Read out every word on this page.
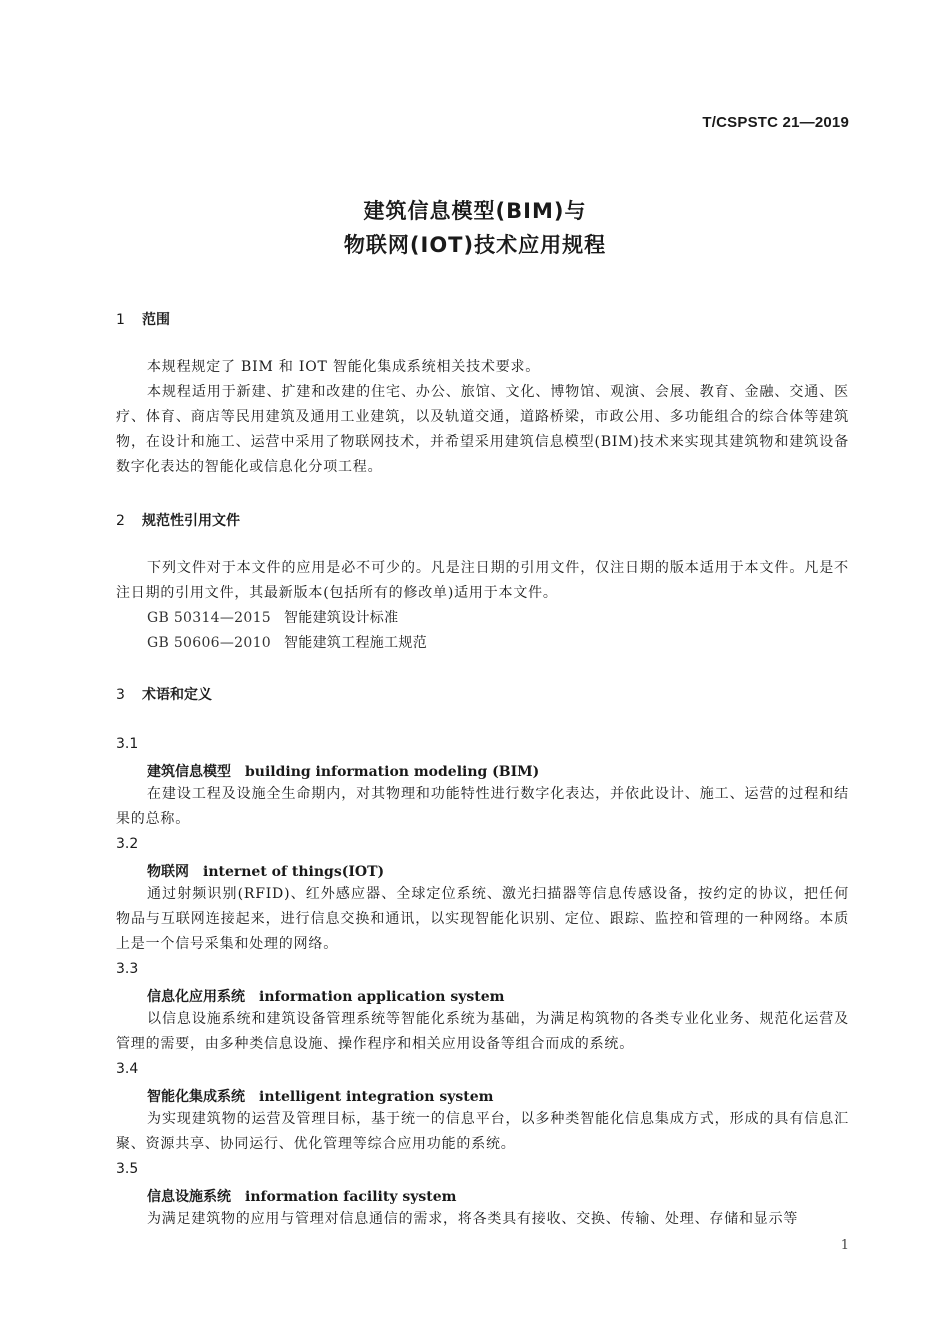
T/CSPSTC 21—2019
建筑信息模型(BIM)与
物联网(IOT)技术应用规程
1 范围
本规程规定了 BIM 和 IOT 智能化集成系统相关技术要求。
本规程适用于新建、扩建和改建的住宅、办公、旅馆、文化、博物馆、观演、会展、教育、金融、交通、医疗、体育、商店等民用建筑及通用工业建筑，以及轨道交通，道路桥梁，市政公用、多功能组合的综合体等建筑物，在设计和施工、运营中采用了物联网技术，并希望采用建筑信息模型(BIM)技术来实现其建筑物和建筑设备数字化表达的智能化或信息化分项工程。
2 规范性引用文件
下列文件对于本文件的应用是必不可少的。凡是注日期的引用文件，仅注日期的版本适用于本文件。凡是不注日期的引用文件，其最新版本(包括所有的修改单)适用于本文件。
GB 50314—2015 智能建筑设计标准
GB 50606—2010 智能建筑工程施工规范
3 术语和定义
3.1
建筑信息模型 building information modeling (BIM)
在建设工程及设施全生命期内，对其物理和功能特性进行数字化表达，并依此设计、施工、运营的过程和结果的总称。
3.2
物联网 internet of things(IOT)
通过射频识别(RFID)、红外感应器、全球定位系统、激光扫描器等信息传感设备，按约定的协议，把任何物品与互联网连接起来，进行信息交换和通讯，以实现智能化识别、定位、跟踪、监控和管理的一种网络。本质上是一个信号采集和处理的网络。
3.3
信息化应用系统 information application system
以信息设施系统和建筑设备管理系统等智能化系统为基础，为满足构筑物的各类专业化业务、规范化运营及管理的需要，由多种类信息设施、操作程序和相关应用设备等组合而成的系统。
3.4
智能化集成系统 intelligent integration system
为实现建筑物的运营及管理目标，基于统一的信息平台，以多种类智能化信息集成方式，形成的具有信息汇聚、资源共享、协同运行、优化管理等综合应用功能的系统。
3.5
信息设施系统 information facility system
为满足建筑物的应用与管理对信息通信的需求，将各类具有接收、交换、传输、处理、存储和显示等
1
